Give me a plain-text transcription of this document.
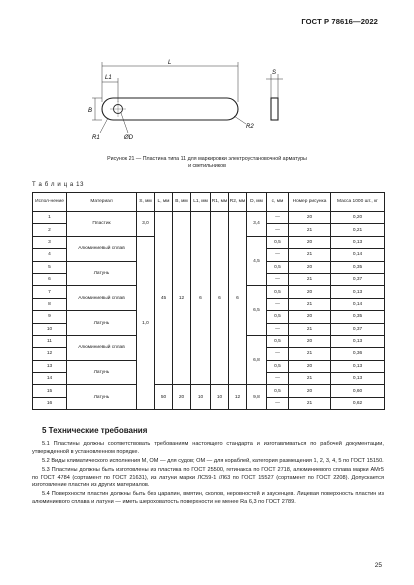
ГОСТ Р 78616—2022
L
L1
B
R1	ØD
R2
S
Рисунок 21 — Пластина типа 11 для маркировки электроустановочной арматуры
и светильников
Т а б л и ц а 13
Испол-нение	Материал	S, мм	L, мм	B, мм	L1, мм	R1, мм	R2, мм	D, мм	c, мм	Номер рисунка	Масса 1000 шт., кг
1	Пластик	3,0	45	12	6	6	6	3,4	—	20	0,20
2									—	21	0,21
3	Алюминиевый сплав	1,0						4,5	0,5	20	0,13
4									—	21	0,14
5	Латунь								0,5	20	0,35
6									—	21	0,37
7	Алюминиевый сплав							6,5	0,5	20	0,13
8									—	21	0,14
9	Латунь								0,5	20	0,35
10									—	21	0,37
11	Алюминиевый сплав							6,8	0,5	20	0,13
12									—	21	0,36
13	Латунь								0,5	20	0,13
14									—	21	0,13
15	Латунь		50	20	10	10	12	9,8	0,5	20	0,60
16									—	21	0,62
5 Технические требования

5.1 Пластины должны соответствовать требованиям настоящего стандарта и изготавливаться по рабочей документации, утвержденной в установленном порядке.

5.2 Виды климатического исполнения М, ОМ — для судов; ОМ — для кораблей, категория размещения 1, 2, 3, 4, 5 по ГОСТ 15150.

5.3 Пластины должны быть изготовлены из пластика по ГОСТ 25500, гетинакса по ГОСТ 2718, алюминиевого сплава марки АМг5 по ГОСТ 4784 (сортамент по ГОСТ 21631), из латуни марки ЛС59-1 /Л63 по ГОСТ 15527 (сортамент по ГОСТ 2208). Допускается изготовление пластин из других материалов.

5.4 Поверхности пластин должны быть без царапин, вмятин, сколов, неровностей и заусенцев. Лицевая поверхность пластин из алюминиевого сплава и латуни — иметь шероховатость поверхности не менее Ra 6,3 по ГОСТ 2789.

25
